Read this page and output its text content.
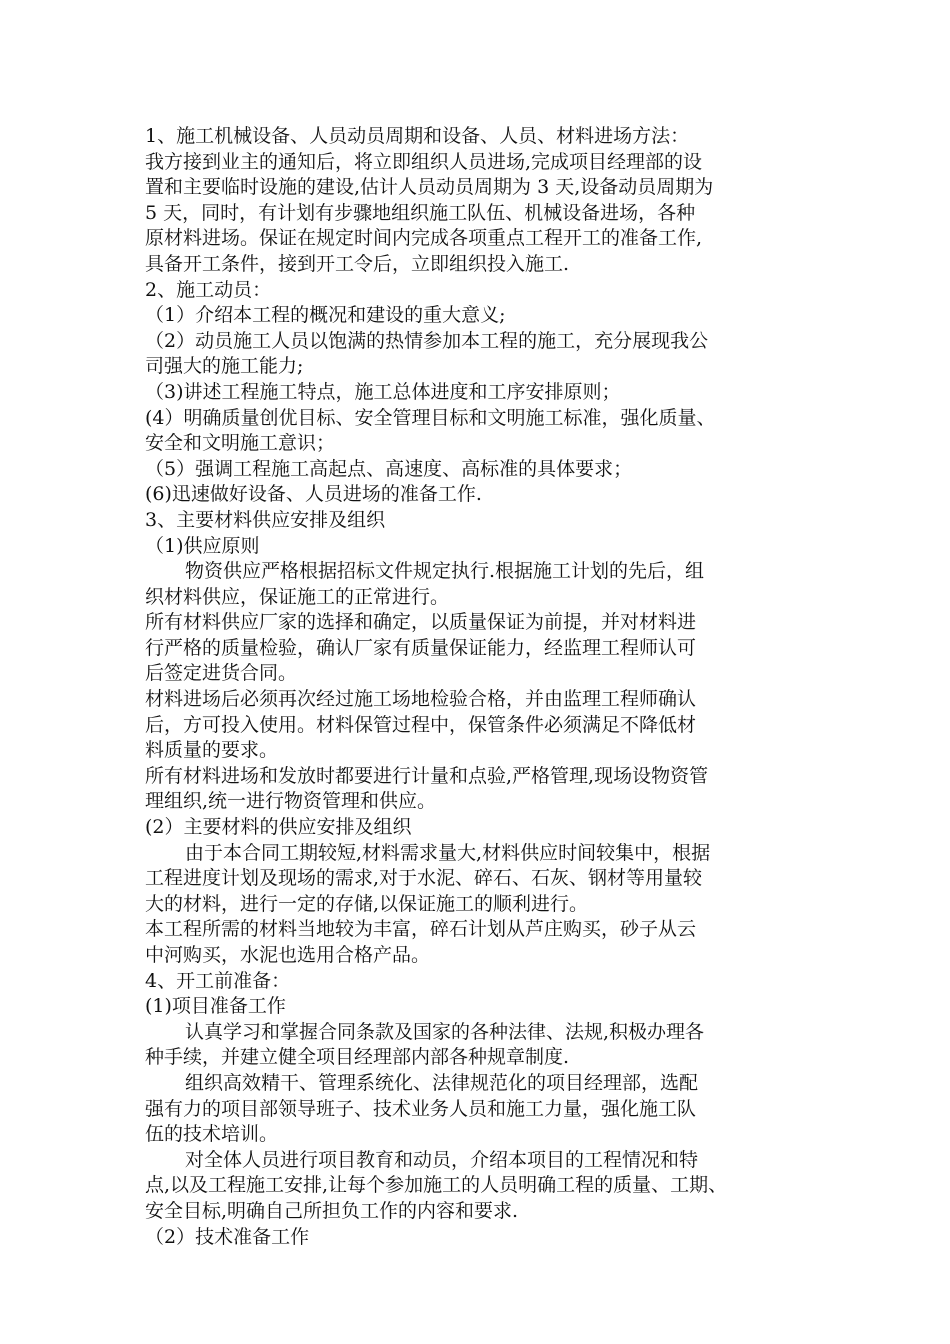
1、施工机械设备、人员动员周期和设备、人员、材料进场方法：

我方接到业主的通知后，将立即组织人员进场,完成项目经理部的设

置和主要临时设施的建设,估计人员动员周期为 3 天,设备动员周期为

5 天，同时，有计划有步骤地组织施工队伍、机械设备进场，各种

原材料进场。保证在规定时间内完成各项重点工程开工的准备工作,

具备开工条件，接到开工令后，立即组织投入施工.

2、施工动员：

（1）介绍本工程的概况和建设的重大意义;

（2）动员施工人员以饱满的热情参加本工程的施工，充分展现我公

司强大的施工能力;

（3)讲述工程施工特点，施工总体进度和工序安排原则；

(4）明确质量创优目标、安全管理目标和文明施工标准，强化质量、

安全和文明施工意识；

（5）强调工程施工高起点、高速度、高标准的具体要求；

(6)迅速做好设备、人员进场的准备工作.

3、主要材料供应安排及组织

（1)供应原则

物资供应严格根据招标文件规定执行.根据施工计划的先后，组

织材料供应，保证施工的正常进行。

所有材料供应厂家的选择和确定，以质量保证为前提，并对材料进

行严格的质量检验，确认厂家有质量保证能力，经监理工程师认可

后签定进货合同。

材料进场后必须再次经过施工场地检验合格，并由监理工程师确认

后，方可投入使用。材料保管过程中，保管条件必须满足不降低材

料质量的要求。

所有材料进场和发放时都要进行计量和点验,严格管理,现场设物资管

理组织,统一进行物资管理和供应。

(2）主要材料的供应安排及组织

由于本合同工期较短,材料需求量大,材料供应时间较集中，根据

工程进度计划及现场的需求,对于水泥、碎石、石灰、钢材等用量较

大的材料，进行一定的存储,以保证施工的顺利进行。

本工程所需的材料当地较为丰富，碎石计划从芦庄购买，砂子从云

中河购买，水泥也选用合格产品。

4、开工前准备：

(1)项目准备工作

认真学习和掌握合同条款及国家的各种法律、法规,积极办理各

种手续，并建立健全项目经理部内部各种规章制度.

组织高效精干、管理系统化、法律规范化的项目经理部，选配

强有力的项目部领导班子、技术业务人员和施工力量，强化施工队

伍的技术培训。

对全体人员进行项目教育和动员，介绍本项目的工程情况和特

点,以及工程施工安排,让每个参加施工的人员明确工程的质量、工期、

安全目标,明确自己所担负工作的内容和要求.

（2）技术准备工作
